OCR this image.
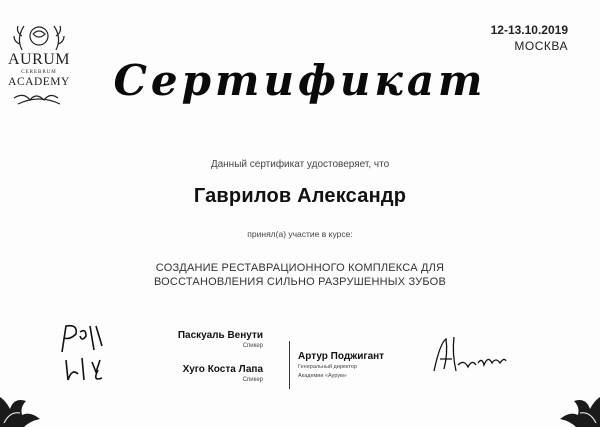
AURUM
CEREBRUM
ACADEMY
12-13.10.2019
МОСКВА
Сертификат
Данный сертификат удостоверяет, что
Гаврилов Александр
принял(а) участие в курсе:
СОЗДАНИЕ РЕСТАВРАЦИОННОГО КОМПЛЕКСА ДЛЯ
ВОССТАНОВЛЕНИЯ СИЛЬНО РАЗРУШЕННЫХ ЗУБОВ
Паскуаль Венути
Спикер
Хуго Коста Лапа
Спикер
Артур Поджигант
Генеральный директор
Академии «Аурум»
